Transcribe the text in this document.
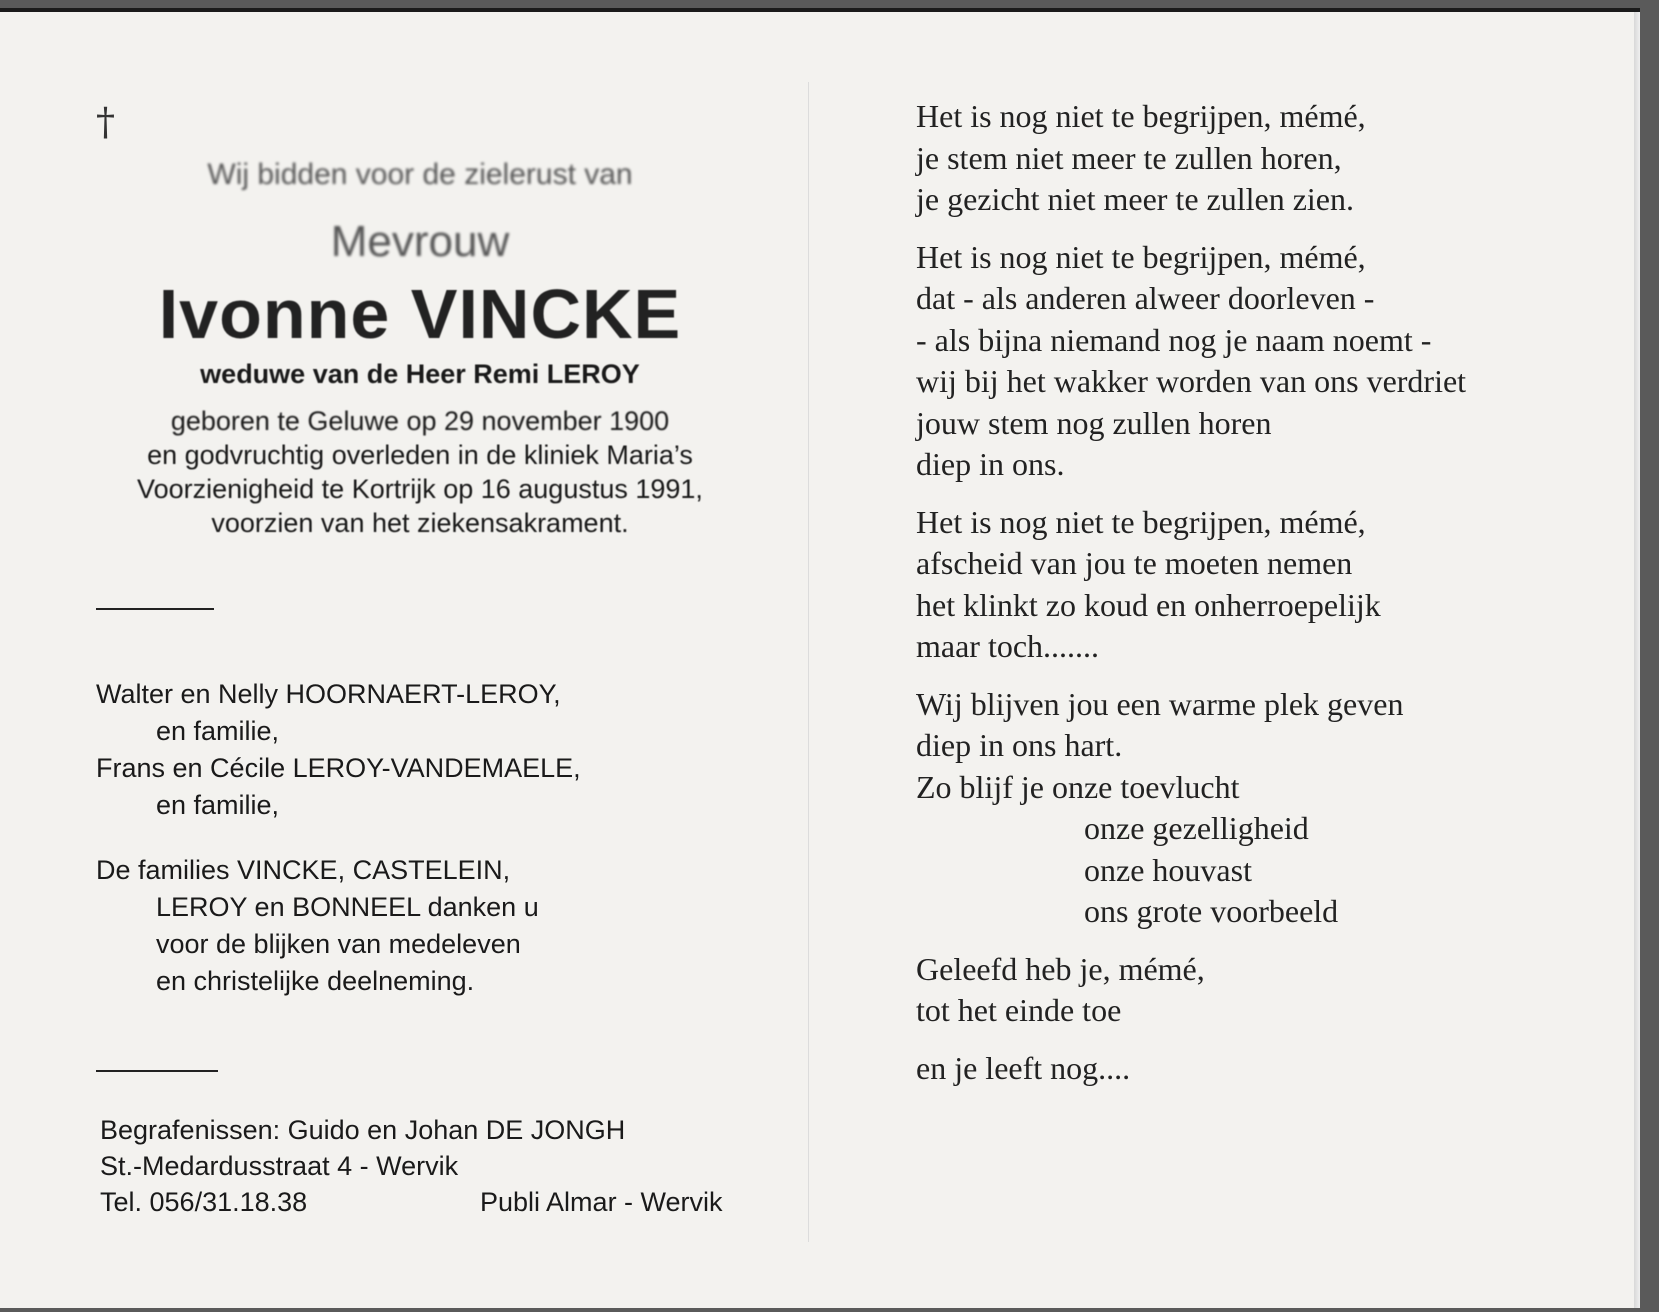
†
Wij bidden voor de zielerust van
Mevrouw
Ivonne VINCKE
weduwe van de Heer Remi LEROY
geboren te Geluwe op 29 november 1900
en godvruchtig overleden in de kliniek Maria’s
Voorzienigheid te Kortrijk op 16 augustus 1991,
voorzien van het ziekensakrament.
Walter en Nelly HOORNAERT-LEROY,
en familie,
Frans en Cécile LEROY-VANDEMAELE,
en familie,
De families VINCKE, CASTELEIN,
LEROY en BONNEEL danken u
voor de blijken van medeleven
en christelijke deelneming.
Begrafenissen: Guido en Johan DE JONGH
St.-Medardusstraat 4 - Wervik
Tel. 056/31.18.38	Publi Almar - Wervik
Het is nog niet te begrijpen, mémé,
je stem niet meer te zullen horen,
je gezicht niet meer te zullen zien.
Het is nog niet te begrijpen, mémé,
dat - als anderen alweer doorleven -
- als bijna niemand nog je naam noemt -
wij bij het wakker worden van ons verdriet
jouw stem nog zullen horen
diep in ons.
Het is nog niet te begrijpen, mémé,
afscheid van jou te moeten nemen
het klinkt zo koud en onherroepelijk
maar toch.......
Wij blijven jou een warme plek geven
diep in ons hart.
Zo blijf je onze toevlucht
onze gezelligheid
onze houvast
ons grote voorbeeld
Geleefd heb je, mémé,
tot het einde toe
en je leeft nog....
